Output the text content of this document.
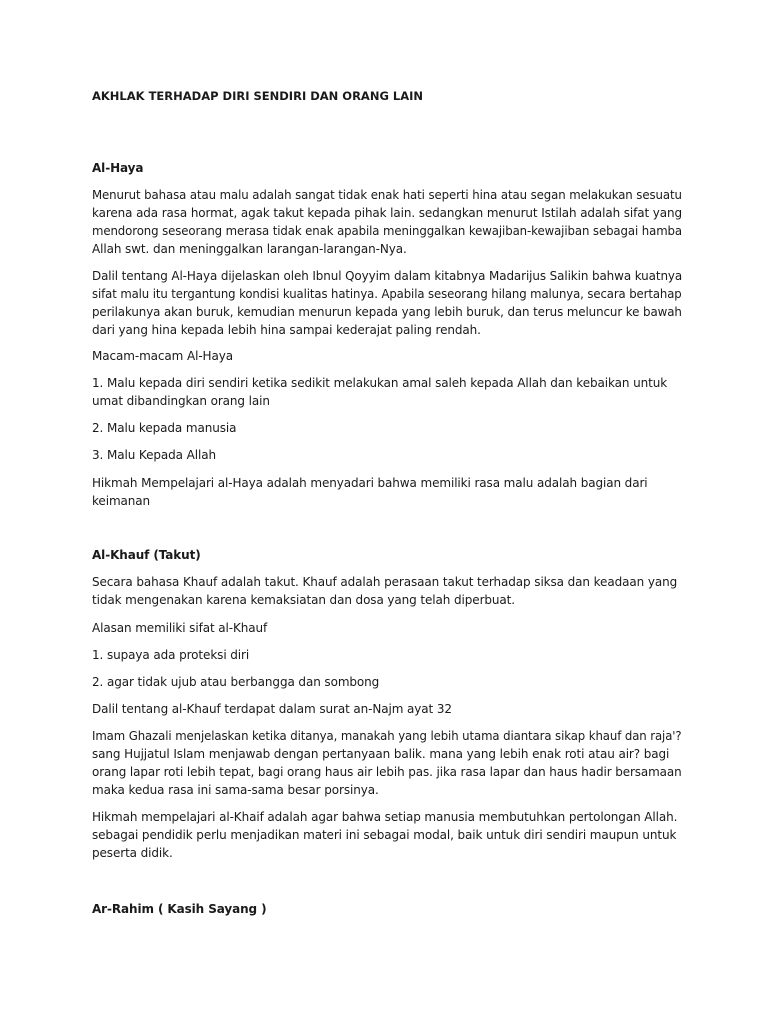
AKHLAK TERHADAP DIRI SENDIRI DAN ORANG LAIN

Al-Haya

Menurut bahasa atau malu adalah sangat tidak enak hati seperti hina atau segan melakukan sesuatu

karena ada rasa hormat, agak takut kepada pihak lain. sedangkan menurut Istilah adalah sifat yang

mendorong seseorang merasa tidak enak apabila meninggalkan kewajiban-kewajiban sebagai hamba

Allah swt. dan meninggalkan larangan-larangan-Nya.

Dalil tentang Al-Haya dijelaskan oleh Ibnul Qoyyim dalam kitabnya Madarijus Salikin bahwa kuatnya

sifat malu itu tergantung kondisi kualitas hatinya. Apabila seseorang hilang malunya, secara bertahap

perilakunya akan buruk, kemudian menurun kepada yang lebih buruk, dan terus meluncur ke bawah

dari yang hina kepada lebih hina sampai kederajat paling rendah.

Macam-macam Al-Haya

1. Malu kepada diri sendiri ketika sedikit melakukan amal saleh kepada Allah dan kebaikan untuk

umat dibandingkan orang lain

2. Malu kepada manusia

3. Malu Kepada Allah

Hikmah Mempelajari al-Haya adalah menyadari bahwa memiliki rasa malu adalah bagian dari

keimanan

Al-Khauf (Takut)

Secara bahasa Khauf adalah takut. Khauf adalah perasaan takut terhadap siksa dan keadaan yang

tidak mengenakan karena kemaksiatan dan dosa yang telah diperbuat.

Alasan memiliki sifat al-Khauf

1. supaya ada proteksi diri

2. agar tidak ujub atau berbangga dan sombong

Dalil tentang al-Khauf terdapat dalam surat an-Najm ayat 32

Imam Ghazali menjelaskan ketika ditanya, manakah yang lebih utama diantara sikap khauf dan raja'?

sang Hujjatul Islam menjawab dengan pertanyaan balik. mana yang lebih enak roti atau air? bagi

orang lapar roti lebih tepat, bagi orang haus air lebih pas. jika rasa lapar dan haus hadir bersamaan

maka kedua rasa ini sama-sama besar porsinya.

Hikmah mempelajari al-Khaif adalah agar bahwa setiap manusia membutuhkan pertolongan Allah.

sebagai pendidik perlu menjadikan materi ini sebagai modal, baik untuk diri sendiri maupun untuk

peserta didik.

Ar-Rahim ( Kasih Sayang )
